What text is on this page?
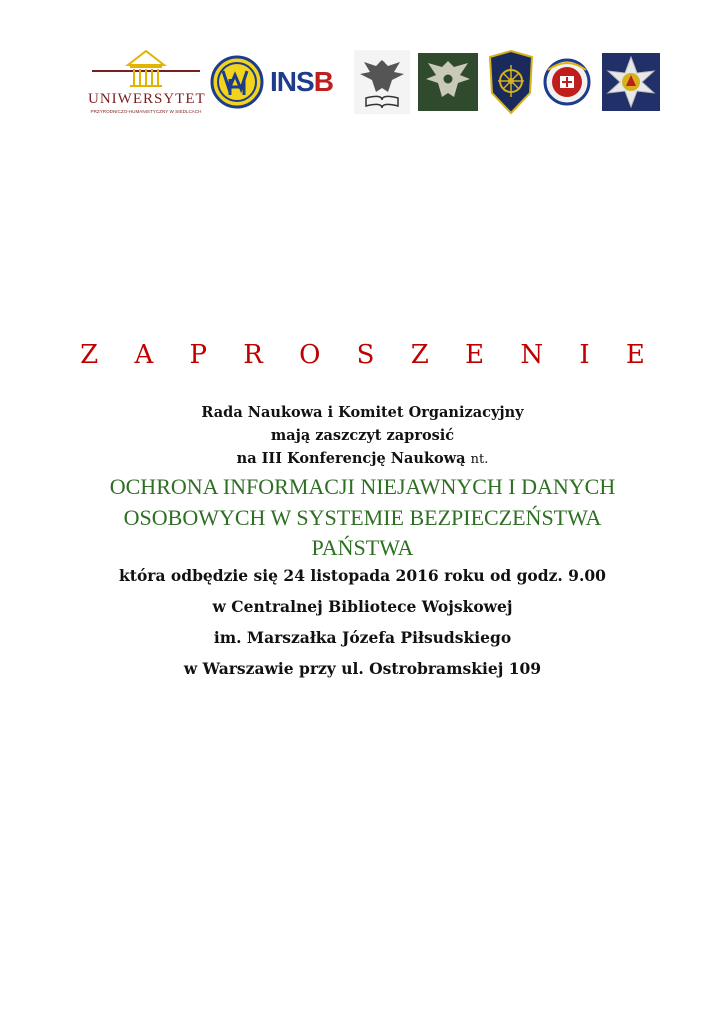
UNIWERSYTET
PRZYRODNICZO-HUMANISTYCZNY W SIEDLCACH
INSB
Z A P R O S Z E N I E
Rada Naukowa i Komitet Organizacyjny
mają zaszczyt zaprosić
na III Konferencję Naukową nt.
OCHRONA INFORMACJI NIEJAWNYCH I DANYCH
OSOBOWYCH W SYSTEMIE BEZPIECZEŃSTWA
PAŃSTWA
która odbędzie się 24 listopada 2016 roku od godz. 9.00
w Centralnej Bibliotece Wojskowej
im. Marszałka Józefa Piłsudskiego
w Warszawie przy ul. Ostrobramskiej 109
